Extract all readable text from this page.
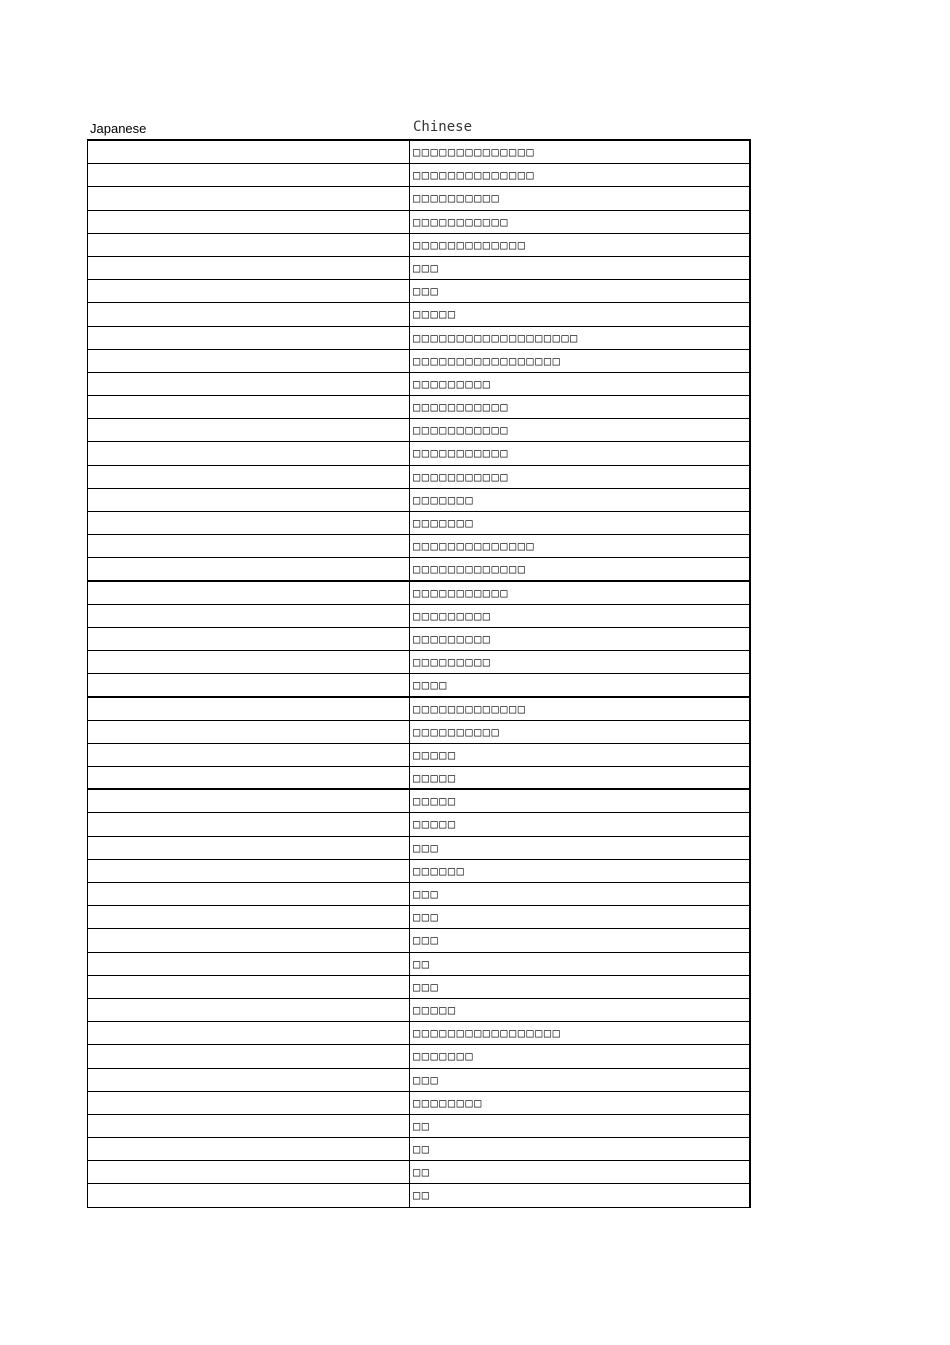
Japanese	Chinese
□□□□□□□□□□□□□□
□□□□□□□□□□□□□□
□□□□□□□□□□
□□□□□□□□□□□
□□□□□□□□□□□□□
□□□
□□□
□□□□□
□□□□□□□□□□□□□□□□□□□
□□□□□□□□□□□□□□□□□
□□□□□□□□□
□□□□□□□□□□□
□□□□□□□□□□□
□□□□□□□□□□□
□□□□□□□□□□□
□□□□□□□
□□□□□□□
□□□□□□□□□□□□□□
□□□□□□□□□□□□□
□□□□□□□□□□□
□□□□□□□□□
□□□□□□□□□
□□□□□□□□□
□□□□
□□□□□□□□□□□□□
□□□□□□□□□□
□□□□□
□□□□□
□□□□□
□□□□□
□□□
□□□□□□
□□□
□□□
□□□
□□
□□□
□□□□□
□□□□□□□□□□□□□□□□□
□□□□□□□
□□□
□□□□□□□□
□□
□□
□□
□□
